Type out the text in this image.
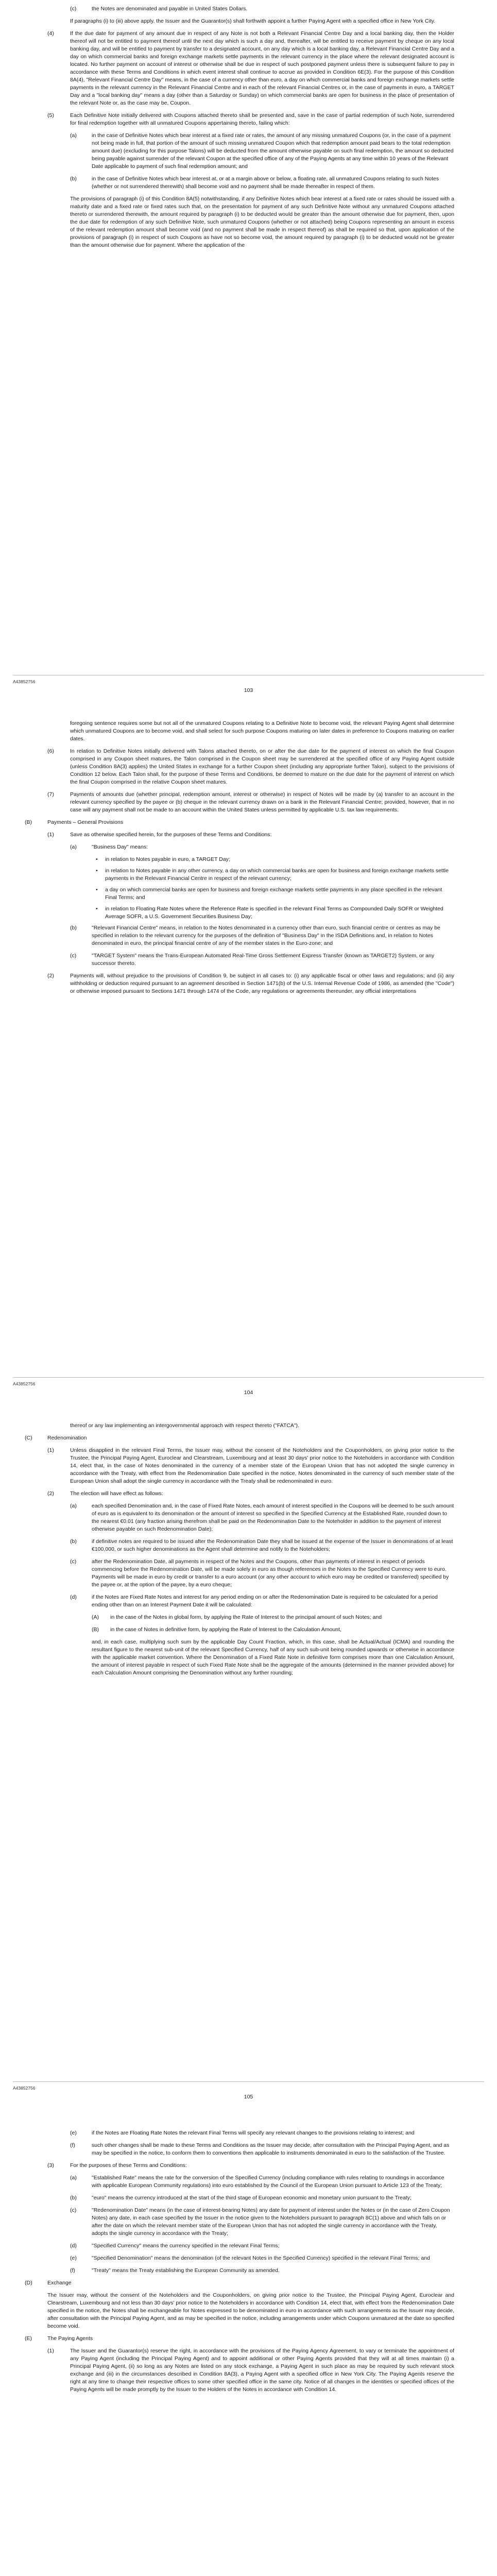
(c)	the Notes are denominated and payable in United States Dollars.

If paragraphs (i) to (iii) above apply, the Issuer and the Guarantor(s) shall forthwith appoint a further Paying Agent with a specified office in New York City.

(4)	If the due date for payment of any amount due in respect of any Note is not both a Relevant Financial Centre Day and a local banking day, then the Holder thereof will not be entitled to payment thereof until the next day which is such a day and, thereafter, will be entitled to receive payment by cheque on any local banking day, and will be entitled to payment by transfer to a designated account, on any day which is a local banking day, a Relevant Financial Centre Day and a day on which commercial banks and foreign exchange markets settle payments in the relevant currency in the place where the relevant designated account is located. No further payment on account of interest or otherwise shall be due in respect of such postponed payment unless there is subsequent failure to pay in accordance with these Terms and Conditions in which event interest shall continue to accrue as provided in Condition 6E(3). For the purpose of this Condition 8A(4), "Relevant Financial Centre Day" means, in the case of a currency other than euro, a day on which commercial banks and foreign exchange markets settle payments in the relevant currency in the Relevant Financial Centre and in each of the relevant Financial Centres or, in the case of payments in euro, a TARGET Day and a "local banking day" means a day (other than a Saturday or Sunday) on which commercial banks are open for business in the place of presentation of the relevant Note or, as the case may be, Coupon.
(5)	Each Definitive Note initially delivered with Coupons attached thereto shall be presented and, save in the case of partial redemption of such Note, surrendered for final redemption together with all unmatured Coupons appertaining thereto, failing which:
(a)	in the case of Definitive Notes which bear interest at a fixed rate or rates, the amount of any missing unmatured Coupons (or, in the case of a payment not being made in full, that portion of the amount of such missing unmatured Coupon which that redemption amount paid bears to the total redemption amount due) (excluding for this purpose Talons) will be deducted from the amount otherwise payable on such final redemption, the amount so deducted being payable against surrender of the relevant Coupon at the specified office of any of the Paying Agents at any time within 10 years of the Relevant Date applicable to payment of such final redemption amount; and
(b)	in the case of Definitive Notes which bear interest at, or at a margin above or below, a floating rate, all unmatured Coupons relating to such Notes (whether or not surrendered therewith) shall become void and no payment shall be made thereafter in respect of them.

The provisions of paragraph (i) of this Condition 8A(5) notwithstanding, if any Definitive Notes which bear interest at a fixed rate or rates should be issued with a maturity date and a fixed rate or fixed rates such that, on the presentation for payment of any such Definitive Note without any unmatured Coupons attached thereto or surrendered therewith, the amount required by paragraph (i) to be deducted would be greater than the amount otherwise due for payment, then, upon the due date for redemption of any such Definitive Note, such unmatured Coupons (whether or not attached) being Coupons representing an amount in excess of the relevant redemption amount shall become void (and no payment shall be made in respect thereof) as shall be required so that, upon application of the provisions of paragraph (i) in respect of such Coupons as have not so become void, the amount required by paragraph (i) to be deducted would not be greater than the amount otherwise due for payment. Where the application of the

A43852756
103

foregoing sentence requires some but not all of the unmatured Coupons relating to a Definitive Note to become void, the relevant Paying Agent shall determine which unmatured Coupons are to become void, and shall select for such purpose Coupons maturing on later dates in preference to Coupons maturing on earlier dates.

(6)	In relation to Definitive Notes initially delivered with Talons attached thereto, on or after the due date for the payment of interest on which the final Coupon comprised in any Coupon sheet matures, the Talon comprised in the Coupon sheet may be surrendered at the specified office of any Paying Agent outside (unless Condition 8A(3) applies) the United States in exchange for a further Coupon sheet (including any appropriate further Talon), subject to the provisions of Condition 12 below. Each Talon shall, for the purpose of these Terms and Conditions, be deemed to mature on the due date for the payment of interest on which the final Coupon comprised in the relative Coupon sheet matures.
(7)	Payments of amounts due (whether principal, redemption amount, interest or otherwise) in respect of Notes will be made by (a) transfer to an account in the relevant currency specified by the payee or (b) cheque in the relevant currency drawn on a bank in the Relevant Financial Centre; provided, however, that in no case will any payment shall not be made to an account within the United States unless permitted by applicable U.S. tax law requirements.
(B)	Payments – General Provisions
(1)	Save as otherwise specified herein, for the purposes of these Terms and Conditions:
(a)	"Business Day" means:
• in relation to Notes payable in euro, a TARGET Day;
• in relation to Notes payable in any other currency, a day on which commercial banks are open for business and foreign exchange markets settle payments in the Relevant Financial Centre in respect of the relevant currency;
• a day on which commercial banks are open for business and foreign exchange markets settle payments in any place specified in the relevant Final Terms; and
• in relation to Floating Rate Notes where the Reference Rate is specified in the relevant Final Terms as Compounded Daily SOFR or Weighted Average SOFR, a U.S. Government Securities Business Day;
(b)	"Relevant Financial Centre" means, in relation to the Notes denominated in a currency other than euro, such financial centre or centres as may be specified in relation to the relevant currency for the purposes of the definition of "Business Day" in the ISDA Definitions and, in relation to Notes denominated in euro, the principal financial centre of any of the member states in the Euro-zone; and
(c)	"TARGET System" means the Trans-European Automated Real-Time Gross Settlement Express Transfer (known as TARGET2) System, or any successor thereto.
(2)	Payments will, without prejudice to the provisions of Condition 9, be subject in all cases to: (i) any applicable fiscal or other laws and regulations; and (ii) any withholding or deduction required pursuant to an agreement described in Section 1471(b) of the U.S. Internal Revenue Code of 1986, as amended (the "Code") or otherwise imposed pursuant to Sections 1471 through 1474 of the Code, any regulations or agreements thereunder, any official interpretations
A43852756
104

thereof or any law implementing an intergovernmental approach with respect thereto ("FATCA").

(C)	Redenomination
(1)	Unless disapplied in the relevant Final Terms, the Issuer may, without the consent of the Noteholders and the Couponholders, on giving prior notice to the Trustee, the Principal Paying Agent, Euroclear and Clearstream, Luxembourg and at least 30 days' prior notice to the Noteholders in accordance with Condition 14, elect that, in the case of Notes denominated in the currency of a member state of the European Union that has not adopted the single currency in accordance with the Treaty, with effect from the Redenomination Date specified in the notice, Notes denominated in the currency of such member state of the European Union shall adopt the single currency in accordance with the Treaty shall be redenominated in euro.
(2)	The election will have effect as follows:
(a)	each specified Denomination and, in the case of Fixed Rate Notes, each amount of interest specified in the Coupons will be deemed to be such amount of euro as is equivalent to its denomination or the amount of interest so specified in the Specified Currency at the Established Rate, rounded down to the nearest €0.01 (any fraction arising therefrom shall be paid on the Redenomination Date to the Noteholder in addition to the payment of interest otherwise payable on such Redenomination Date);
(b)	if definitive notes are required to be issued after the Redenomination Date they shall be issued at the expense of the Issuer in denominations of at least €100,000, or such higher denominations as the Agent shall determine and notify to the Noteholders;
(c)	after the Redenomination Date, all payments in respect of the Notes and the Coupons, other than payments of interest in respect of periods commencing before the Redenomination Date, will be made solely in euro as though references in the Notes to the Specified Currency were to euro. Payments will be made in euro by credit or transfer to a euro account (or any other account to which euro may be credited or transferred) specified by the payee or, at the option of the payee, by a euro cheque;
(d)	if the Notes are Fixed Rate Notes and interest for any period ending on or after the Redenomination Date is required to be calculated for a period ending other than on an Interest Payment Date it will be calculated:
(A) in the case of the Notes in global form, by applying the Rate of Interest to the principal amount of such Notes; and
(B) in the case of Notes in definitive form, by applying the Rate of Interest to the Calculation Amount,

and, in each case, multiplying such sum by the applicable Day Count Fraction, which, in this case, shall be Actual/Actual (ICMA) and rounding the resultant figure to the nearest sub-unit of the relevant Specified Currency, half of any such sub-unit being rounded upwards or otherwise in accordance with the applicable market convention. Where the Denomination of a Fixed Rate Note in definitive form comprises more than one Calculation Amount, the amount of interest payable in respect of such Fixed Rate Note shall be the aggregate of the amounts (determined in the manner provided above) for each Calculation Amount comprising the Denomination without any further rounding;

A43852756
105
(e)	if the Notes are Floating Rate Notes the relevant Final Terms will specify any relevant changes to the provisions relating to interest; and
(f)	such other changes shall be made to these Terms and Conditions as the Issuer may decide, after consultation with the Principal Paying Agent, and as may be specified in the notice, to conform them to conventions then applicable to instruments denominated in euro to the satisfaction of the Trustee.
(3)	For the purposes of these Terms and Conditions:
(a)	"Established Rate" means the rate for the conversion of the Specified Currency (including compliance with rules relating to roundings in accordance with applicable European Community regulations) into euro established by the Council of the European Union pursuant to Article 123 of the Treaty;
(b)	"euro" means the currency introduced at the start of the third stage of European economic and monetary union pursuant to the Treaty;
(c)	"Redenomination Date" means (in the case of interest-bearing Notes) any date for payment of interest under the Notes or (in the case of Zero Coupon Notes) any date, in each case specified by the Issuer in the notice given to the Noteholders pursuant to paragraph 8C(1) above and which falls on or after the date on which the relevant member state of the European Union that has not adopted the single currency in accordance with the Treaty, adopts the single currency in accordance with the Treaty;
(d)	"Specified Currency" means the currency specified in the relevant Final Terms;
(e)	"Specified Denomination" means the denomination (of the relevant Notes in the Specified Currency) specified in the relevant Final Terms; and
(f)	"Treaty" means the Treaty establishing the European Community as amended.
(D)	Exchange

The Issuer may, without the consent of the Noteholders and the Couponholders, on giving prior notice to the Trustee, the Principal Paying Agent, Euroclear and Clearstream, Luxembourg and not less than 30 days' prior notice to the Noteholders in accordance with Condition 14, elect that, with effect from the Redenomination Date specified in the notice, the Notes shall be exchangeable for Notes expressed to be denominated in euro in accordance with such arrangements as the Issuer may decide, after consultation with the Principal Paying Agent, and as may be specified in the notice, including arrangements under which Coupons unmatured at the date so specified become void.

(E)	The Paying Agents
(1)	The Issuer and the Guarantor(s) reserve the right, in accordance with the provisions of the Paying Agency Agreement, to vary or terminate the appointment of any Paying Agent (including the Principal Paying Agent) and to appoint additional or other Paying Agents provided that they will at all times maintain (i) a Principal Paying Agent, (ii) so long as any Notes are listed on any stock exchange, a Paying Agent in such place as may be required by such relevant stock exchange and (iii) in the circumstances described in Condition 8A(3), a Paying Agent with a specified office in New York City. The Paying Agents reserve the right at any time to change their respective offices to some other specified office in the same city. Notice of all changes in the identities or specified offices of the Paying Agents will be made promptly by the Issuer to the Holders of the Notes in accordance with Condition 14.
